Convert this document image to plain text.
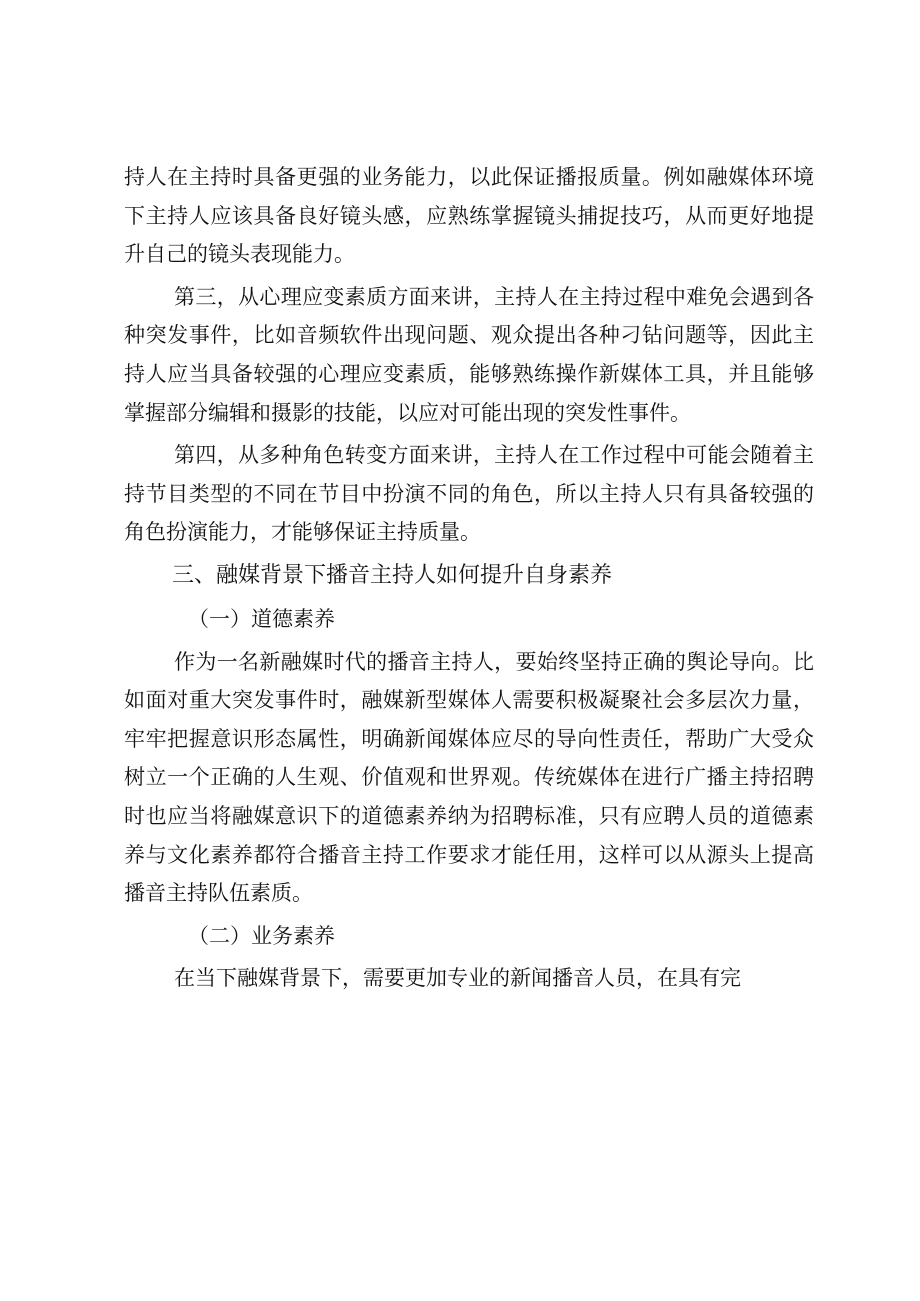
持人在主持时具备更强的业务能力，以此保证播报质量。例如融媒体环境下主持人应该具备良好镜头感，应熟练掌握镜头捕捉技巧，从而更好地提升自己的镜头表现能力。

第三，从心理应变素质方面来讲，主持人在主持过程中难免会遇到各种突发事件，比如音频软件出现问题、观众提出各种刁钻问题等，因此主持人应当具备较强的心理应变素质，能够熟练操作新媒体工具，并且能够掌握部分编辑和摄影的技能，以应对可能出现的突发性事件。

第四，从多种角色转变方面来讲，主持人在工作过程中可能会随着主持节目类型的不同在节目中扮演不同的角色，所以主持人只有具备较强的角色扮演能力，才能够保证主持质量。

三、融媒背景下播音主持人如何提升自身素养

（一）道德素养

作为一名新融媒时代的播音主持人，要始终坚持正确的舆论导向。比如面对重大突发事件时，融媒新型媒体人需要积极凝聚社会多层次力量，牢牢把握意识形态属性，明确新闻媒体应尽的导向性责任，帮助广大受众树立一个正确的人生观、价值观和世界观。传统媒体在进行广播主持招聘时也应当将融媒意识下的道德素养纳为招聘标准，只有应聘人员的道德素养与文化素养都符合播音主持工作要求才能任用，这样可以从源头上提高播音主持队伍素质。

（二）业务素养

在当下融媒背景下，需要更加专业的新闻播音人员，在具有完
